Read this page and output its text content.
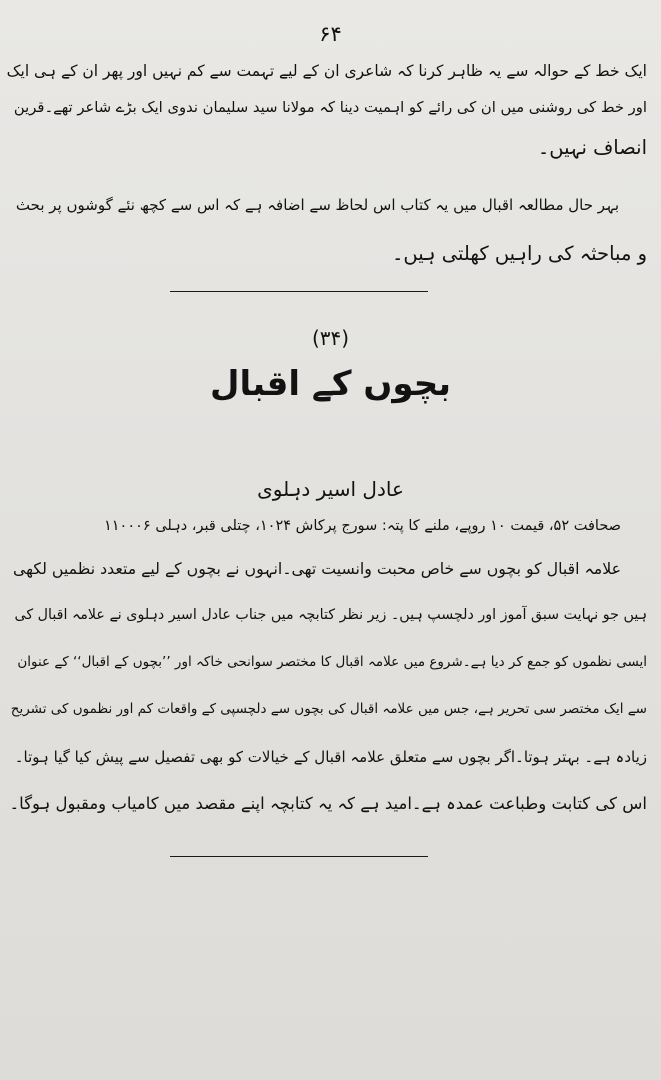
۶۴
ایک خط کے حوالہ سے یہ ظاہر کرنا کہ شاعری ان کے لیے تہمت سے کم نہیں اور پھر ان کے ہی ایک
اور خط کی روشنی میں ان کی رائے کو اہمیت دینا کہ مولانا سید سلیمان ندوی ایک بڑے شاعر تھے۔قرین
انصاف نہیں۔
بہر حال مطالعہ اقبال میں یہ کتاب اس لحاظ سے اضافہ ہے کہ اس سے کچھ نئے گوشوں پر بحث
و مباحثہ کی راہیں کھلتی ہیں۔
(۳۴)
بچوں کے اقبال
عادل اسیر دہلوی
صحافت ۵۲، قیمت ۱۰ روپے، ملنے کا پتہ: سورج پرکاش ۱۰۲۴، چتلی قبر، دہلی ۱۱۰۰۰۶
علامہ اقبال کو بچوں سے خاص محبت وانسیت تھی۔انہوں نے بچوں کے لیے متعدد نظمیں لکھی
ہیں جو نہایت سبق آموز اور دلچسپ ہیں۔ زیر نظر کتابچہ میں جناب عادل اسیر دہلوی نے علامہ اقبال کی
ایسی نظموں کو جمع کر دیا ہے۔شروع میں علامہ اقبال کا مختصر سوانحی خاکہ اور ’’بچوں کے اقبال‘‘ کے عنوان
سے ایک مختصر سی تحریر ہے، جس میں علامہ اقبال کی بچوں سے دلچسپی کے واقعات کم اور نظموں کی تشریح
زیادہ ہے۔ بہتر ہوتا۔اگر بچوں سے متعلق علامہ اقبال کے خیالات کو بھی تفصیل سے پیش کیا گیا ہوتا۔
اس کی کتابت وطباعت عمدہ ہے۔امید ہے کہ یہ کتابچہ اپنے مقصد میں کامیاب ومقبول ہوگا۔
